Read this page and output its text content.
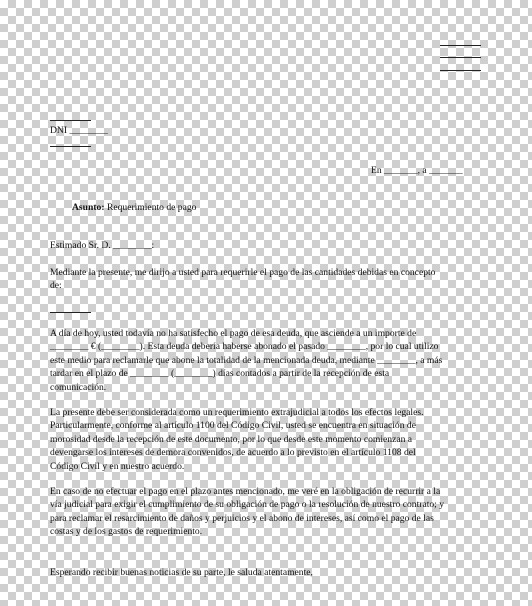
DNI ________
En _______, a _______
Asunto: Requerimiento de pago
Estimado Sr. D. ________:
Mediante la presente, me dirijo a usted para requerirle el pago de las cantidades debidas en concepto
de:
A día de hoy, usted todavía no ha satisfecho el pago de esa deuda, que asciende a un importe de
________ € (________). Esta deuda debería haberse abonado el pasado ________, por lo cual utilizo
este medio para reclamarle que abone la totalidad de la mencionada deuda, mediante ________, a más
tardar en el plazo de ________ (________) días contados a partir de la recepción de esta
comunicación.
La presente debe ser considerada como un requerimiento extrajudicial a todos los efectos legales.
Particularmente, conforme al artículo 1100 del Código Civil, usted se encuentra en situación de
morosidad desde la recepción de este documento, por lo que desde este momento comienzan a
devengarse los intereses de demora convenidos, de acuerdo a lo previsto en el artículo 1108 del
Código Civil y en nuestro acuerdo.
En caso de no efectuar el pago en el plazo antes mencionado, me veré en la obligación de recurrir a la
vía judicial para exigir el cumplimiento de su obligación de pago o la resolución de nuestro contrato; y
para reclamar el resarcimiento de daños y perjuicios y el abono de intereses, así como el pago de las
costas y de los gastos de requerimiento.
Esperando recibir buenas noticias de su parte, le saluda atentamente,
